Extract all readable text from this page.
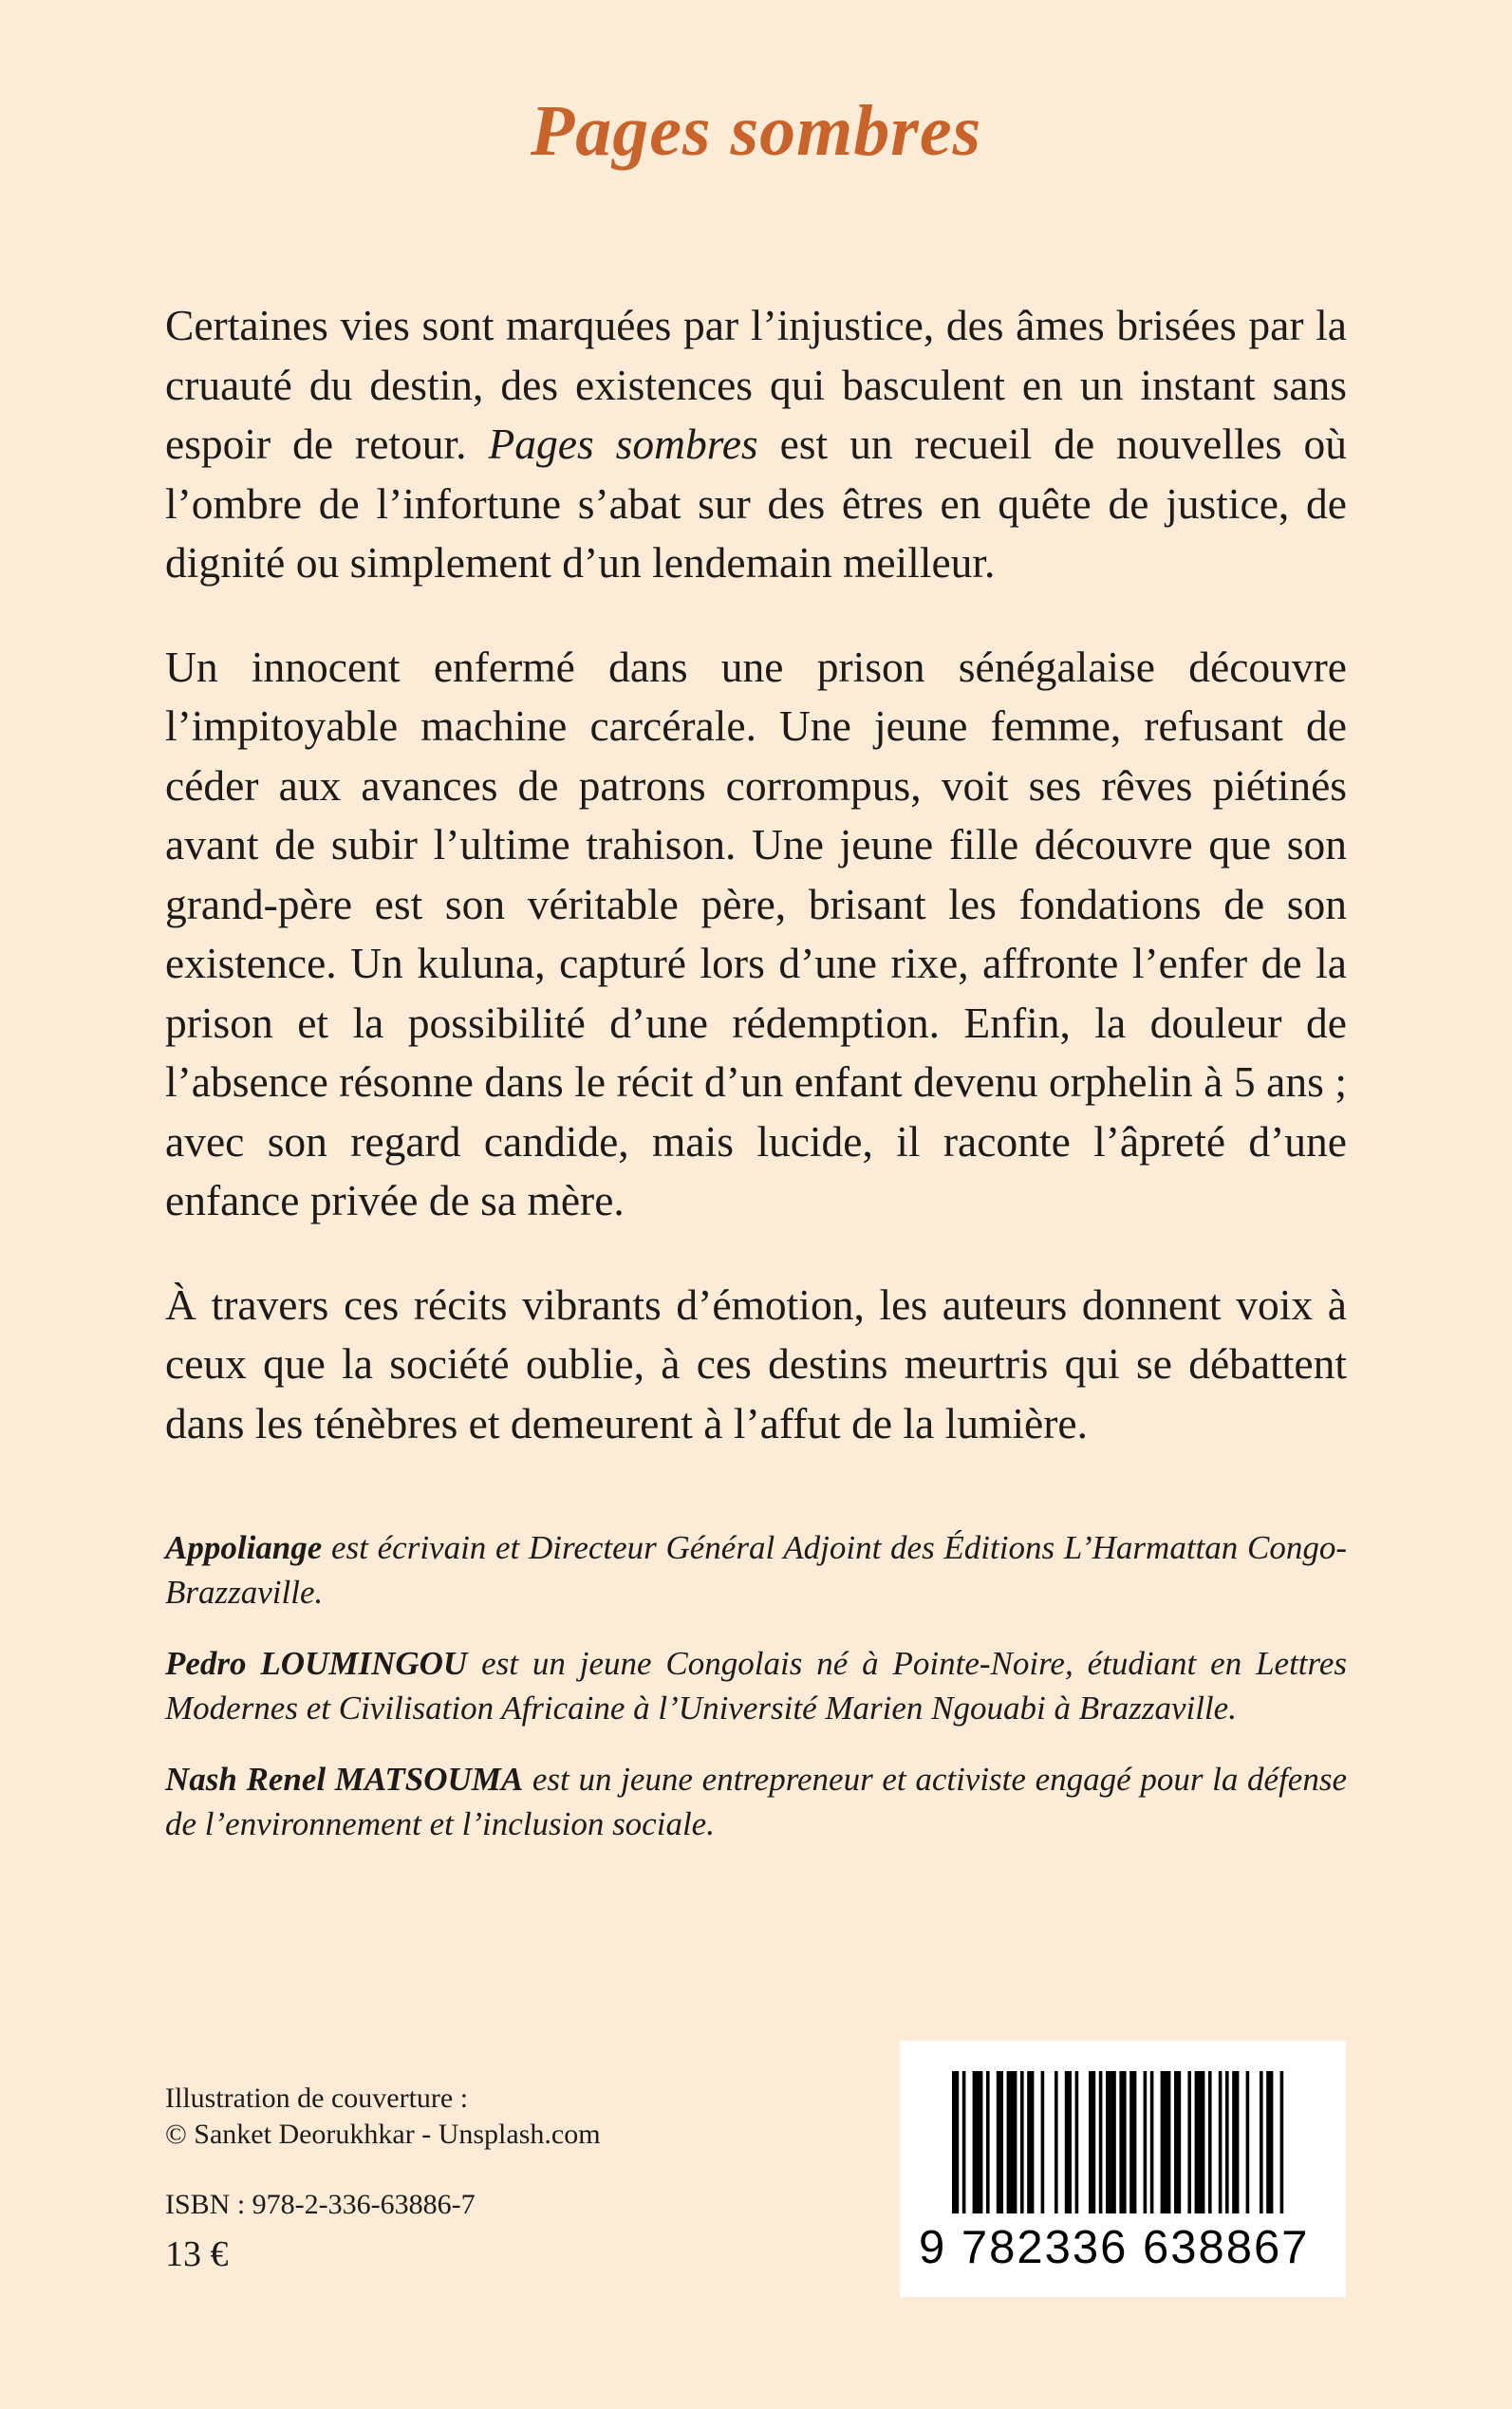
Pages sombres

Certaines vies sont marquées par l’injustice, des âmes brisées par la cruauté du destin, des existences qui basculent en un instant sans espoir de retour. Pages sombres est un recueil de nouvelles où l’ombre de l’infortune s’abat sur des êtres en quête de justice, de dignité ou simplement d’un lendemain meilleur.

Un innocent enfermé dans une prison sénégalaise découvre l’impitoyable machine carcérale. Une jeune femme, refusant de céder aux avances de patrons corrompus, voit ses rêves piétinés avant de subir l’ultime trahison. Une jeune fille découvre que son grand-père est son véritable père, brisant les fondations de son existence. Un kuluna, capturé lors d’une rixe, affronte l’enfer de la prison et la possibilité d’une rédemption. Enfin, la douleur de l’absence résonne dans le récit d’un enfant devenu orphelin à 5 ans ; avec son regard candide, mais lucide, il raconte l’âpreté d’une enfance privée de sa mère.

À travers ces récits vibrants d’émotion, les auteurs donnent voix à ceux que la société oublie, à ces destins meurtris qui se débattent dans les ténèbres et demeurent à l’affut de la lumière.

Appoliange est écrivain et Directeur Général Adjoint des Éditions L’Harmattan Congo-Brazzaville.

Pedro LOUMINGOU est un jeune Congolais né à Pointe-Noire, étudiant en Lettres Modernes et Civilisation Africaine à l’Université Marien Ngouabi à Brazzaville.

Nash Renel MATSOUMA est un jeune entrepreneur et activiste engagé pour la défense de l’environnement et l’inclusion sociale.

Illustration de couverture :
© Sanket Deorukhkar - Unsplash.com
ISBN : 978-2-336-63886-7
13 €	9 782336 638867
